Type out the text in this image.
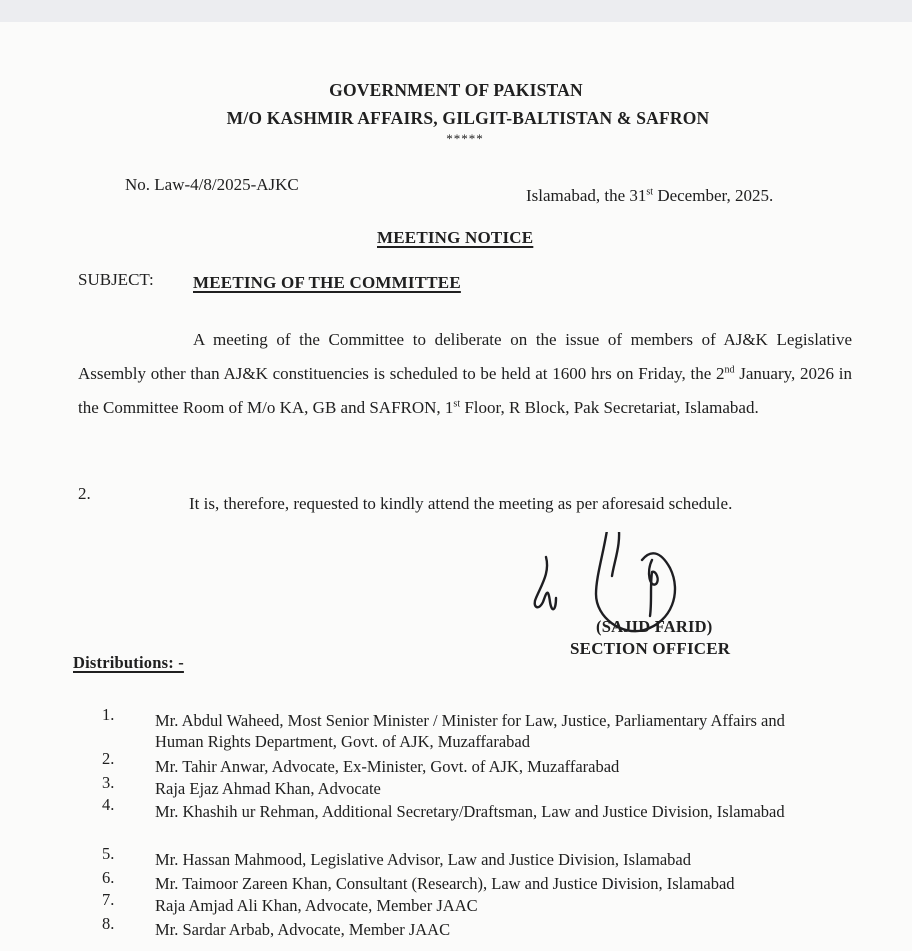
GOVERNMENT OF PAKISTAN
M/O KASHMIR AFFAIRS, GILGIT-BALTISTAN & SAFRON
*****
No. Law-4/8/2025-AJKC
Islamabad, the 31st December, 2025.
MEETING NOTICE
SUBJECT: MEETING OF THE COMMITTEE
A meeting of the Committee to deliberate on the issue of members of AJ&K Legislative Assembly other than AJ&K constituencies is scheduled to be held at 1600 hrs on Friday, the 2nd January, 2026 in the Committee Room of M/o KA, GB and SAFRON, 1st Floor, R Block, Pak Secretariat, Islamabad.
2.
It is, therefore, requested to kindly attend the meeting as per aforesaid schedule.
(SAJID FARID)
SECTION OFFICER
Distributions: -
1. Mr. Abdul Waheed, Most Senior Minister / Minister for Law, Justice, Parliamentary Affairs and Human Rights Department, Govt. of AJK, Muzaffarabad
2. Mr. Tahir Anwar, Advocate, Ex-Minister, Govt. of AJK, Muzaffarabad
3. Raja Ejaz Ahmad Khan, Advocate
4. Mr. Khashih ur Rehman, Additional Secretary/Draftsman, Law and Justice Division, Islamabad
5. Mr. Hassan Mahmood, Legislative Advisor, Law and Justice Division, Islamabad
6. Mr. Taimoor Zareen Khan, Consultant (Research), Law and Justice Division, Islamabad
7. Raja Amjad Ali Khan, Advocate, Member JAAC
8. Mr. Sardar Arbab, Advocate, Member JAAC
